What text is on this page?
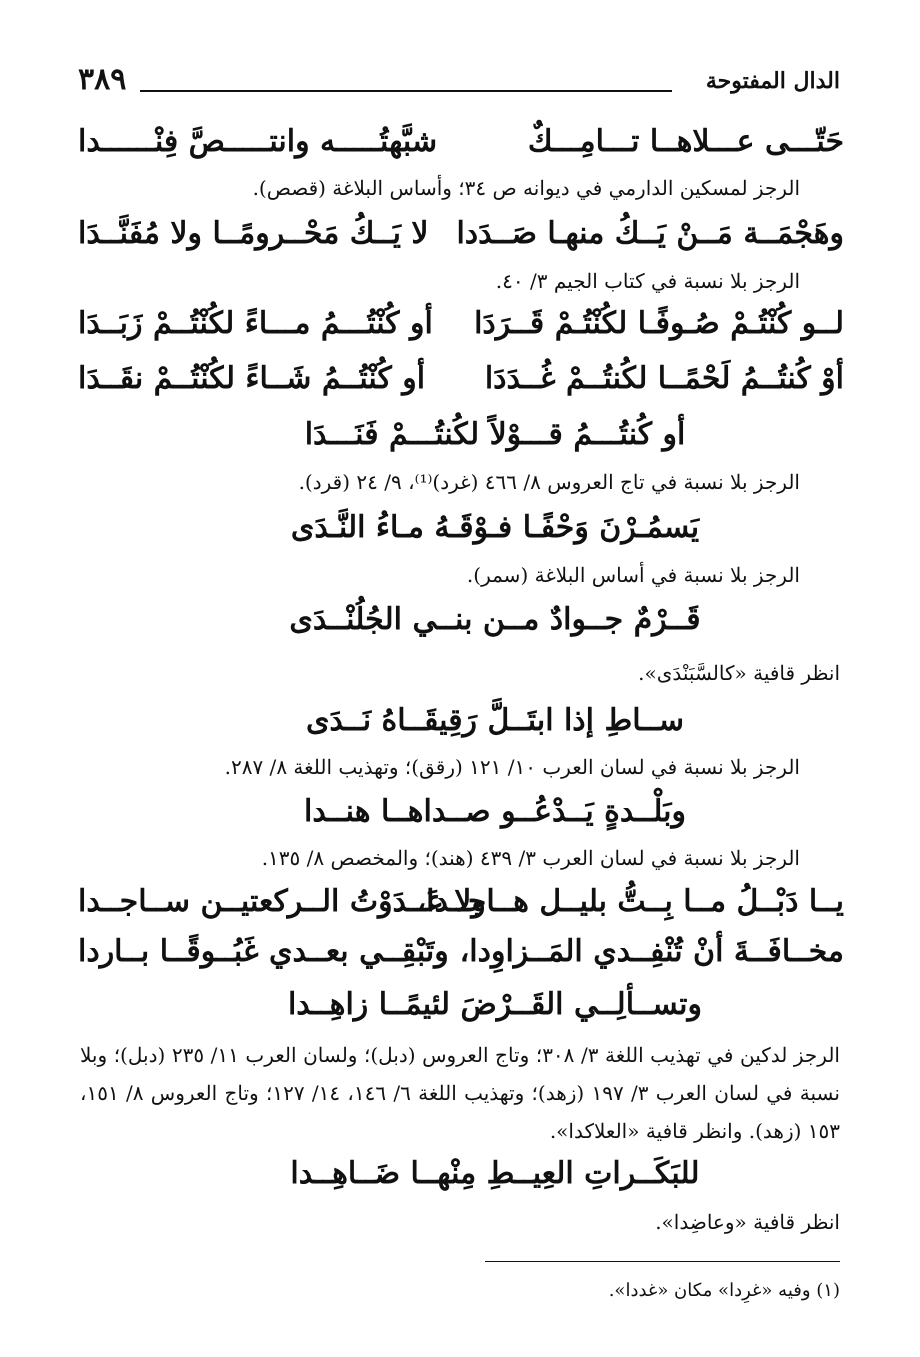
الدال المفتوحة
٣٨٩
حَتّـــى عـــلاهــا تـــامِـــكٌ
شبَّهتُـــــه وانتـــــصَّ فِنْــــــدا
الرجز لمسكين الدارمي في ديوانه ص ٣٤؛ وأساس البلاغة (قصص).
وهَجْمَــة مَــنْ يَــكُ منهـا صَــدَدا
لا يَــكُ مَحْــرومًــا ولا مُفَنَّــدَا
الرجز بلا نسبة في كتاب الجيم ٣/ ٤٠.
لــو كُنْتُـمْ صُـوفًـا لكُنْتُـمْ قَــرَدَا
أو كُنْتُـــمُ مـــاءً لكُنْتُــمْ زَبَــدَا
أوْ كُنتُــمُ لَحْمًــا لكُنتُــمْ غُــدَدَا
أو كُنْتُــمُ شَــاءً لكُنْتُــمْ نقَــدَا
أو كُنتُـــمُ قـــوْلاً لكُنتُـــمْ فَنَـــدَا
الرجز بلا نسبة في تاج العروس ٨/ ٤٦٦ (غرد)⁽¹⁾، ٩/ ٢٤ (قرد).
يَسمُـرْنَ وَحْفًـا فـوْقَـهُ مـاءُ النَّـدَى
الرجز بلا نسبة في أساس البلاغة (سمر).
قَــرْمٌ جــوادٌ مــن بنــي الجُلُنْــدَى
انظر قافية «كالسَّبَنْدَى».
ســاطِ إذا ابتَــلَّ رَقِيقَــاهُ نَــدَى
الرجز بلا نسبة في لسان العرب ١٠/ ١٢١ (رقق)؛ وتهذيب اللغة ٨/ ٢٨٧.
وبَلْــدةٍ يَــدْعُــو صــداهــا هنــدا
الرجز بلا نسبة في لسان العرب ٣/ ٤٣٩ (هند)؛ والمخصص ٨/ ١٣٥.
يــا دَبْــلُ مــا بِــتُّ بليــل هــاجــدا،
ولا عَــدَوْتُ الــركعتيــن ســاجــدا
مخــافَــةَ أنْ تُنْفِــدي المَــزاوِدا،
وتَبْقِــي بعــدي غَبُــوقًــا بــاردا
وتســألِــي القَــرْضَ لئيمًــا زاهِــدا
الرجز لدكين في تهذيب اللغة ٣/ ٣٠٨؛ وتاج العروس (دبل)؛ ولسان العرب ١١/ ٢٣٥ (دبل)؛ وبلا نسبة في لسان العرب ٣/ ١٩٧ (زهد)؛ وتهذيب اللغة ٦/ ١٤٦، ١٤/ ١٢٧؛ وتاج العروس ٨/ ١٥١، ١٥٣ (زهد). وانظر قافية «العلاكدا».
للبَكَــراتِ العِيــطِ مِنْهــا ضَــاهِــدا
انظر قافية «وعاضِدا».
(١) وفيه «غرِدا» مكان «غددا».
